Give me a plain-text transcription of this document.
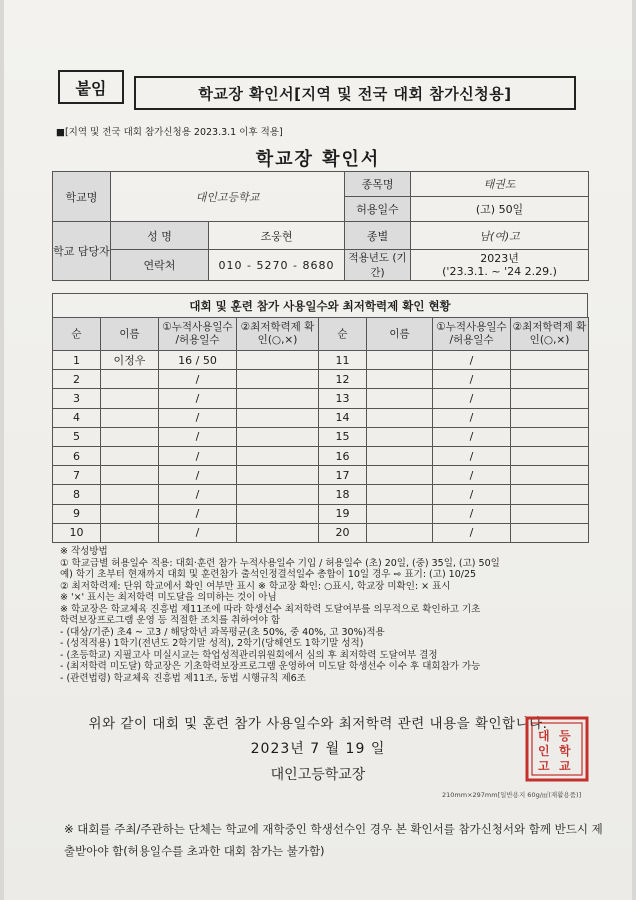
붙임	학교장 확인서[지역 및 전국 대회 참가신청용]
■[지역 및 전국 대회 참가신청용 2023.3.1 이후 적용]
학교장 확인서
학교명	대인고등학교		종목명	태권도
			허용일수	(고) 50일
학교 담당자	성 명	조웅현	종별	남(여)고
	연락처	010 - 5270 - 8680	적용년도 (기간)	2023년
('23.3.1. ~ '24 2.29.)
대회 및 훈련 참가 사용일수와 최저학력제 확인 현황
순	이름	①누적사용일수 /허용일수	②최저학력제 확인(○,×)	순	이름	①누적사용일수 /허용일수	②최저학력제 확인(○,×)
1	이정우	16 / 50		11		/	
2		/		12		/	
3		/		13		/	
4		/		14		/	
5		/		15		/	
6		/		16		/	
7		/		17		/	
8		/		18		/	
9		/		19		/	
10		/		20		/	
※ 작성방법
① 학교급별 허용일수 적용: 대회·훈련 참가 누적사용일수 기입 / 허용일수 (초) 20일, (중) 35일, (고) 50일
예) 학기 초부터 현재까지 대회 및 훈련참가 출석인정결석일수 총합이 10일 경우 ⇨ 표기: (고) 10/25
② 최저학력제: 단위 학교에서 확인 여부만 표시 ※ 학교장 확인: ○표시, 학교장 미확인: × 표시
※ '×' 표시는 최저학력 미도달을 의미하는 것이 아님
※ 학교장은 학교체육 진흥법 제11조에 따라 학생선수 최저학력 도달여부를 의무적으로 확인하고 기초
학력보장프로그램 운영 등 적절한 조치를 취하여야 함
- (대상/기준) 초4 ~ 고3 / 해당학년 과목평균(초 50%, 중 40%, 고 30%)적용
- (성적적용) 1학기(전년도 2학기말 성적), 2학기(당해연도 1학기말 성적)
- (초등학교) 지필고사 미실시교는 학업성적관리위원회에서 심의 후 최저학력 도달여부 결정
- (최저학력 미도달) 학교장은 기초학력보장프로그램 운영하여 미도달 학생선수 이수 후 대회참가 가능
- (관련법령) 학교체육 진흥법 제11조, 동법 시행규칙 제6조
위와 같이 대회 및 훈련 참가 사용일수와 최저학력 관련 내용을 확인합니다.
2023년 7 월 19 일
대인고등학교장
대 등
인 학
고 교
210mm×297mm[일반용지 60g/㎡(재활용품)]
※ 대회를 주최/주관하는 단체는 학교에 재학중인 학생선수인 경우 본 확인서를 참가신청서와 함께 반드시 제출받아야 함(허용일수를 초과한 대회 참가는 불가함)
